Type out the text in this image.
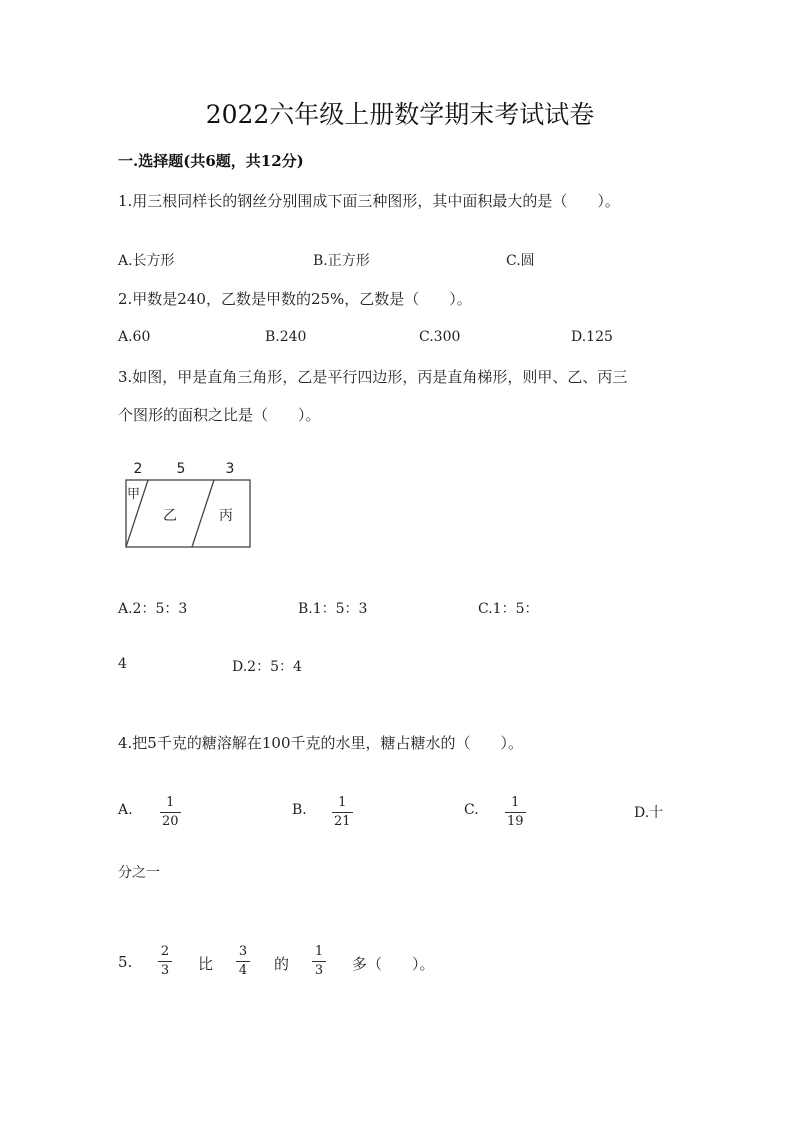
2022六年级上册数学期末考试试卷
一.选择题(共6题，共12分)
1.用三根同样长的钢丝分别围成下面三种图形，其中面积最大的是（　　）。
A.长方形	B.正方形	C.圆
2.甲数是240，乙数是甲数的25%，乙数是（　　）。
A.60	B.240	C.300	D.125
3.如图，甲是直角三角形，乙是平行四边形，丙是直角梯形，则甲、乙、丙三
个图形的面积之比是（　　）。
2 5	3
甲
乙	丙
A.2：5：3	B.1：5：3	C.1：5：
4	D.2：5：4
4.把5千克的糖溶解在100千克的水里，糖占糖水的（　　）。
A.	1
20
B. 1
21
C. 1
19
D.十
分之一
5.
2
3 比
3
4 的
1
3 多（　　）。
